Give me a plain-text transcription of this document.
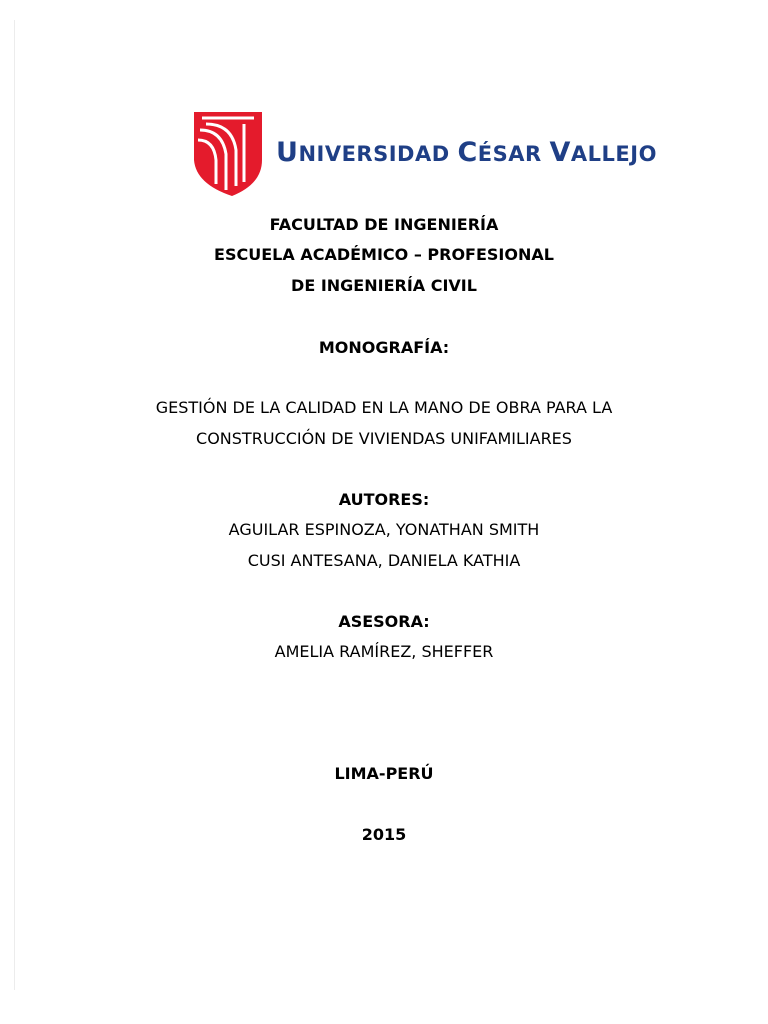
UNIVERSIDAD CÉSAR VALLEJO
FACULTAD DE INGENIERÍA
ESCUELA ACADÉMICO – PROFESIONAL
DE INGENIERÍA CIVIL
MONOGRAFÍA:
GESTIÓN DE LA CALIDAD EN LA MANO DE OBRA PARA LA
CONSTRUCCIÓN DE VIVIENDAS UNIFAMILIARES
AUTORES:
AGUILAR ESPINOZA, YONATHAN SMITH
CUSI ANTESANA, DANIELA KATHIA
ASESORA:
AMELIA RAMÍREZ, SHEFFER
LIMA-PERÚ
2015
